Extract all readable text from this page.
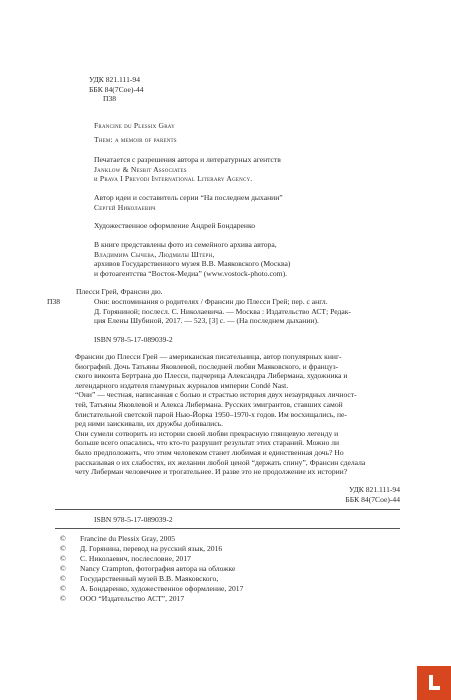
УДК 821.111-94
ББК 84(7Сое)-44
П38
Francine du Plessix Gray
Them: a memoir of parents
Печатается с разрешения автора и литературных агентств
Janklow & Nesbit Associates
и Prava I Prevodi International Literary Agency.
Автор идеи и составитель серии “На последнем дыхании”
Сергей Николаевич
Художественное оформление Андрей Бондаренко
В книге представлены фото из семейного архива автора,
Владимира Сычева, Людмилы Штерн,
архивов Государственного музея В.В. Маяковского (Москва)
и фотоагентства “Восток-Медиа” (www.vostock-photo.com).
Плесси Грей, Франсин дю.
П38	Они: воспоминания о родителях / Франсин дю Плесси Грей; пер. с англ.
Д. Горяниной; послесл. С. Николаевича. — Москва : Издательство АСТ; Редак-
ция Елены Шубиной, 2017. — 523, [3] с. — (На последнем дыхании).
ISBN 978-5-17-089039-2
Франсин дю Плесси Грей — американская писательница, автор популярных книг-
биографий. Дочь Татьяны Яковлевой, последней любви Маяковского, и француз-
ского виконта Бертрана дю Плесси, падчерица Александра Либермана, художника и
легендарного издателя гламурных журналов империи Condé Nast.
“Они” — честная, написанная с болью и страстью история двух незаурядных личност-
тей, Татьяны Яковлевой и Алекса Либермана. Русских эмигрантов, ставших самой
блистательной светской парой Нью-Йорка 1950–1970-х годов. Им восхищались, пе-
ред ними заискивали, их дружбы добивались.
Они сумели сотворить из истории своей любви прекрасную глянцевую легенду и
больше всего опасались, что кто-то разрушит результат этих стараний. Можно ли
было предположить, что этим человеком станет любимая и единственная дочь? Но
рассказывая о их слабостях, их желании любой ценой “держать спину”, Франсин сделала
чету Либерман человечнее и трогательнее. И разве это не продолжение их истории?
УДК 821.111-94
ББК 84(7Сое)-44
ISBN 978-5-17-089039-2
© Francine du Plessix Gray, 2005
© Д. Горянина, перевод на русский язык, 2016
© С. Николаевич, послесловие, 2017
© Nancy Crampton, фотография автора на обложке
© Государственный музей В.В. Маяковского,
© А. Бондаренко, художественное оформление, 2017
© ООО “Издательство АСТ”, 2017
